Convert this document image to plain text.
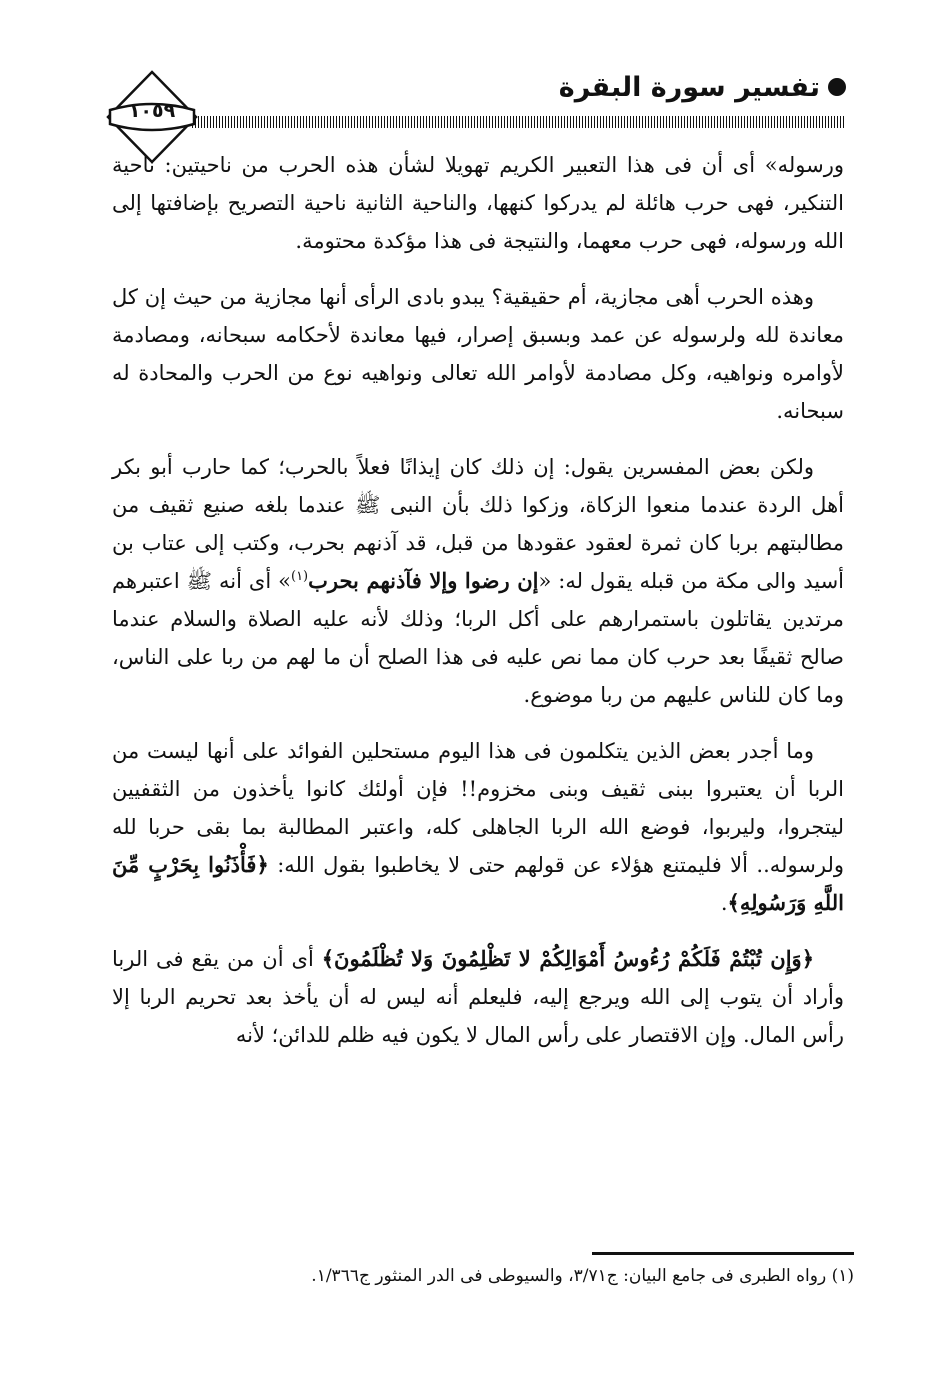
تفسير سورة البقرة
١٠٥٩

ورسوله» أى أن فى هذا التعبير الكريم تهويلا لشأن هذه الحرب من ناحيتين: ناحية التنكير، فهى حرب هائلة لم يدركوا كنهها، والناحية الثانية ناحية التصريح بإضافتها إلى الله ورسوله، فهى حرب معهما، والنتيجة فى هذا مؤكدة محتومة.

وهذه الحرب أهى مجازية، أم حقيقية؟ يبدو بادى الرأى أنها مجازية من حيث إن كل معاندة لله ولرسوله عن عمد وبسبق إصرار، فيها معاندة لأحكامه سبحانه، ومصادمة لأوامره ونواهيه، وكل مصادمة لأوامر الله تعالى ونواهيه نوع من الحرب والمحادة له سبحانه.

ولكن بعض المفسرين يقول: إن ذلك كان إيذانًا فعلاً بالحرب؛ كما حارب أبو بكر أهل الردة عندما منعوا الزكاة، وزكوا ذلك بأن النبى ﷺ عندما بلغه صنيع ثقيف من مطالبتهم بربا كان ثمرة لعقود عقودها من قبل، قد آذنهم بحرب، وكتب إلى عتاب بن أسيد والى مكة من قبله يقول له: «إن رضوا وإلا فآذنهم بحرب$^{(١)}$» أى أنه ﷺ اعتبرهم مرتدين يقاتلون باستمرارهم على أكل الربا؛ وذلك لأنه عليه الصلاة والسلام عندما صالح ثقيفًا بعد حرب كان مما نص عليه فى هذا الصلح أن ما لهم من ربا على الناس، وما كان للناس عليهم من ربا موضوع.

وما أجدر بعض الذين يتكلمون فى هذا اليوم مستحلين الفوائد على أنها ليست من الربا أن يعتبروا ببنى ثقيف وبنى مخزوم!! فإن أولئك كانوا يأخذون من الثقفيين ليتجروا، وليربوا، فوضع الله الربا الجاهلى كله، واعتبر المطالبة بما بقى حربا لله ولرسوله.. ألا فليمتنع هؤلاء عن قولهم حتى لا يخاطبوا بقول الله: ﴿فَأْذَنُوا بِحَرْبٍ مِّنَ اللَّهِ وَرَسُولِهِ﴾.

﴿وَإِن تُبْتُمْ فَلَكُمْ رُءُوسُ أَمْوَالِكُمْ لا تَظْلِمُونَ وَلا تُظْلَمُونَ﴾ أى أن من يقع فى الربا وأراد أن يتوب إلى الله ويرجع إليه، فليعلم أنه ليس له أن يأخذ بعد تحريم الربا إلا رأس المال. وإن الاقتصار على رأس المال لا يكون فيه ظلم للدائن؛ لأنه

(١) رواه الطبرى فى جامع البيان: ج٣/٧١، والسيوطى فى الدر المنثور ج١/٣٦٦.
